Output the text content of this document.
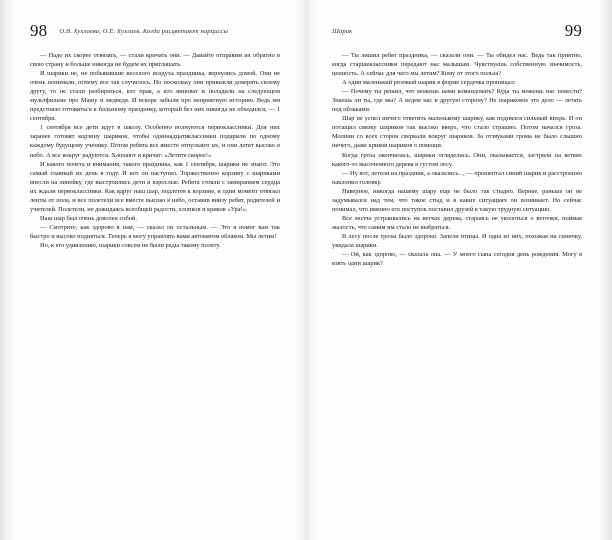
98 О.В. Хухлаева, О.Е. Хухлаев. Когда расцветают нарциссы

— Надо их скорее отвязать, — стали кричать они. — Давайте отправим их обратно в свою страну и больше никогда не будем их приглашать.

И шарики не, не побывавшие веселого воздуха праздника, вернулись домой. Они не очень понимали, почему все так случилось. Но поскольку они привыкли доверять своему другу, то не стали разбираться, кто прав, а кто виноват и поладили на следующем мультфильме про Машу и медведя. И вскоре забыли про неприятную историю. Ведь им предстояло готовиться к большому празднику, который без них никогда не обходился, — 1 сентября.

1 сентября все дети идут в школу. Особенно волнуются первоклассники. Для них заранее готовят корзину шариков, чтобы одиннадцатиклассники подарили по одному каждому будущему ученику. Потом ребята все вместе отпускают их, и они летят высоко в небо. А все вокруг радуются. Хлопают и кричат: «Летите скорее!»

И какого почета и внимания, такого праздника, как 1 сентября, шарики не знают. Это самый главный их день в году. И вот он наступил. Торжественно корзину с шариками внесли на линейку, где выстроились дети и взрослые. Ребята стояли с замиранием сердца их ждали первоклассники. Как вдруг наш шар, подлетев к корзине, в один момент отвязал ленты от пола, и все полетели все вместе высоко в небо, оставив внизу ребят, родителей и учителей. Полетели, не дожидаясь всеобщей радости, хлопков и криков «Ура!».

Наш шар был очень доволен собой.

— Смотрите, как здорово я нам, — сказал он остальным. — Это я помог вам так быстро и высоко подняться. Теперь я могу управлять вами автоматом облаком. Мы летим!

Но, к его удивлению, шарики совсем не были рады такому полету.

Шарик	99

— Ты лишил ребят праздника, — сказали они. — Ты обидел нас. Ведь так приятно, когда старшеклассники передают нас малышам. Чувствуешь собственную значимость, ценность. А сейчас для чего мы летим? Кому от этого польза?

А один маленький розовый шарик в форме сердечка пропищал:

— Почему ты решил, что можешь нами командовать? Куда ты можешь нас повести? Знаешь ли ты, где мы? А ведем нас в другую сторону? Не шариковое это дело — летать под облаками.

Шар не успел ничего ответить маленькому шарику, как поднялся сильный вихрь. И он потащил связку шариков так высоко вверх, что стало страшно. Потом начался гроза. Молнии со всех сторон сверкали вокруг шариков. За отзвуками грома не было слышно ничего, даже криков шариков о помощи.

Когда гроза окончилась, шарики огляделись. Они, оказывается, застряли на ветвях какого-то высоченного дерева в густом лесу.

— Ну вот, летели на праздник, а оказались..., — прошептал синий шарик и расстроенно наклонил головку.

Наверное, никогда нашему шару еще не было так стыдно. Вернее, раньше он не задумывался над тем, что такое стыд и в каких ситуациях он возникает. Но сейчас понимал, что именно его поступок поставил друзей в такую трудную ситуацию.

Все молча устраивались на ветках дерева, стараясь не уколоться о веточки, поймав жалость, что самим им стало не выбраться.

В лесу после грозы было здорово. Запели птицы. И одна из них, похожая на синичку, увидала шарики.

— Ой, как здорово, — сказала она. — У моего сына сегодня день рождения. Могу я взять один шарик?
